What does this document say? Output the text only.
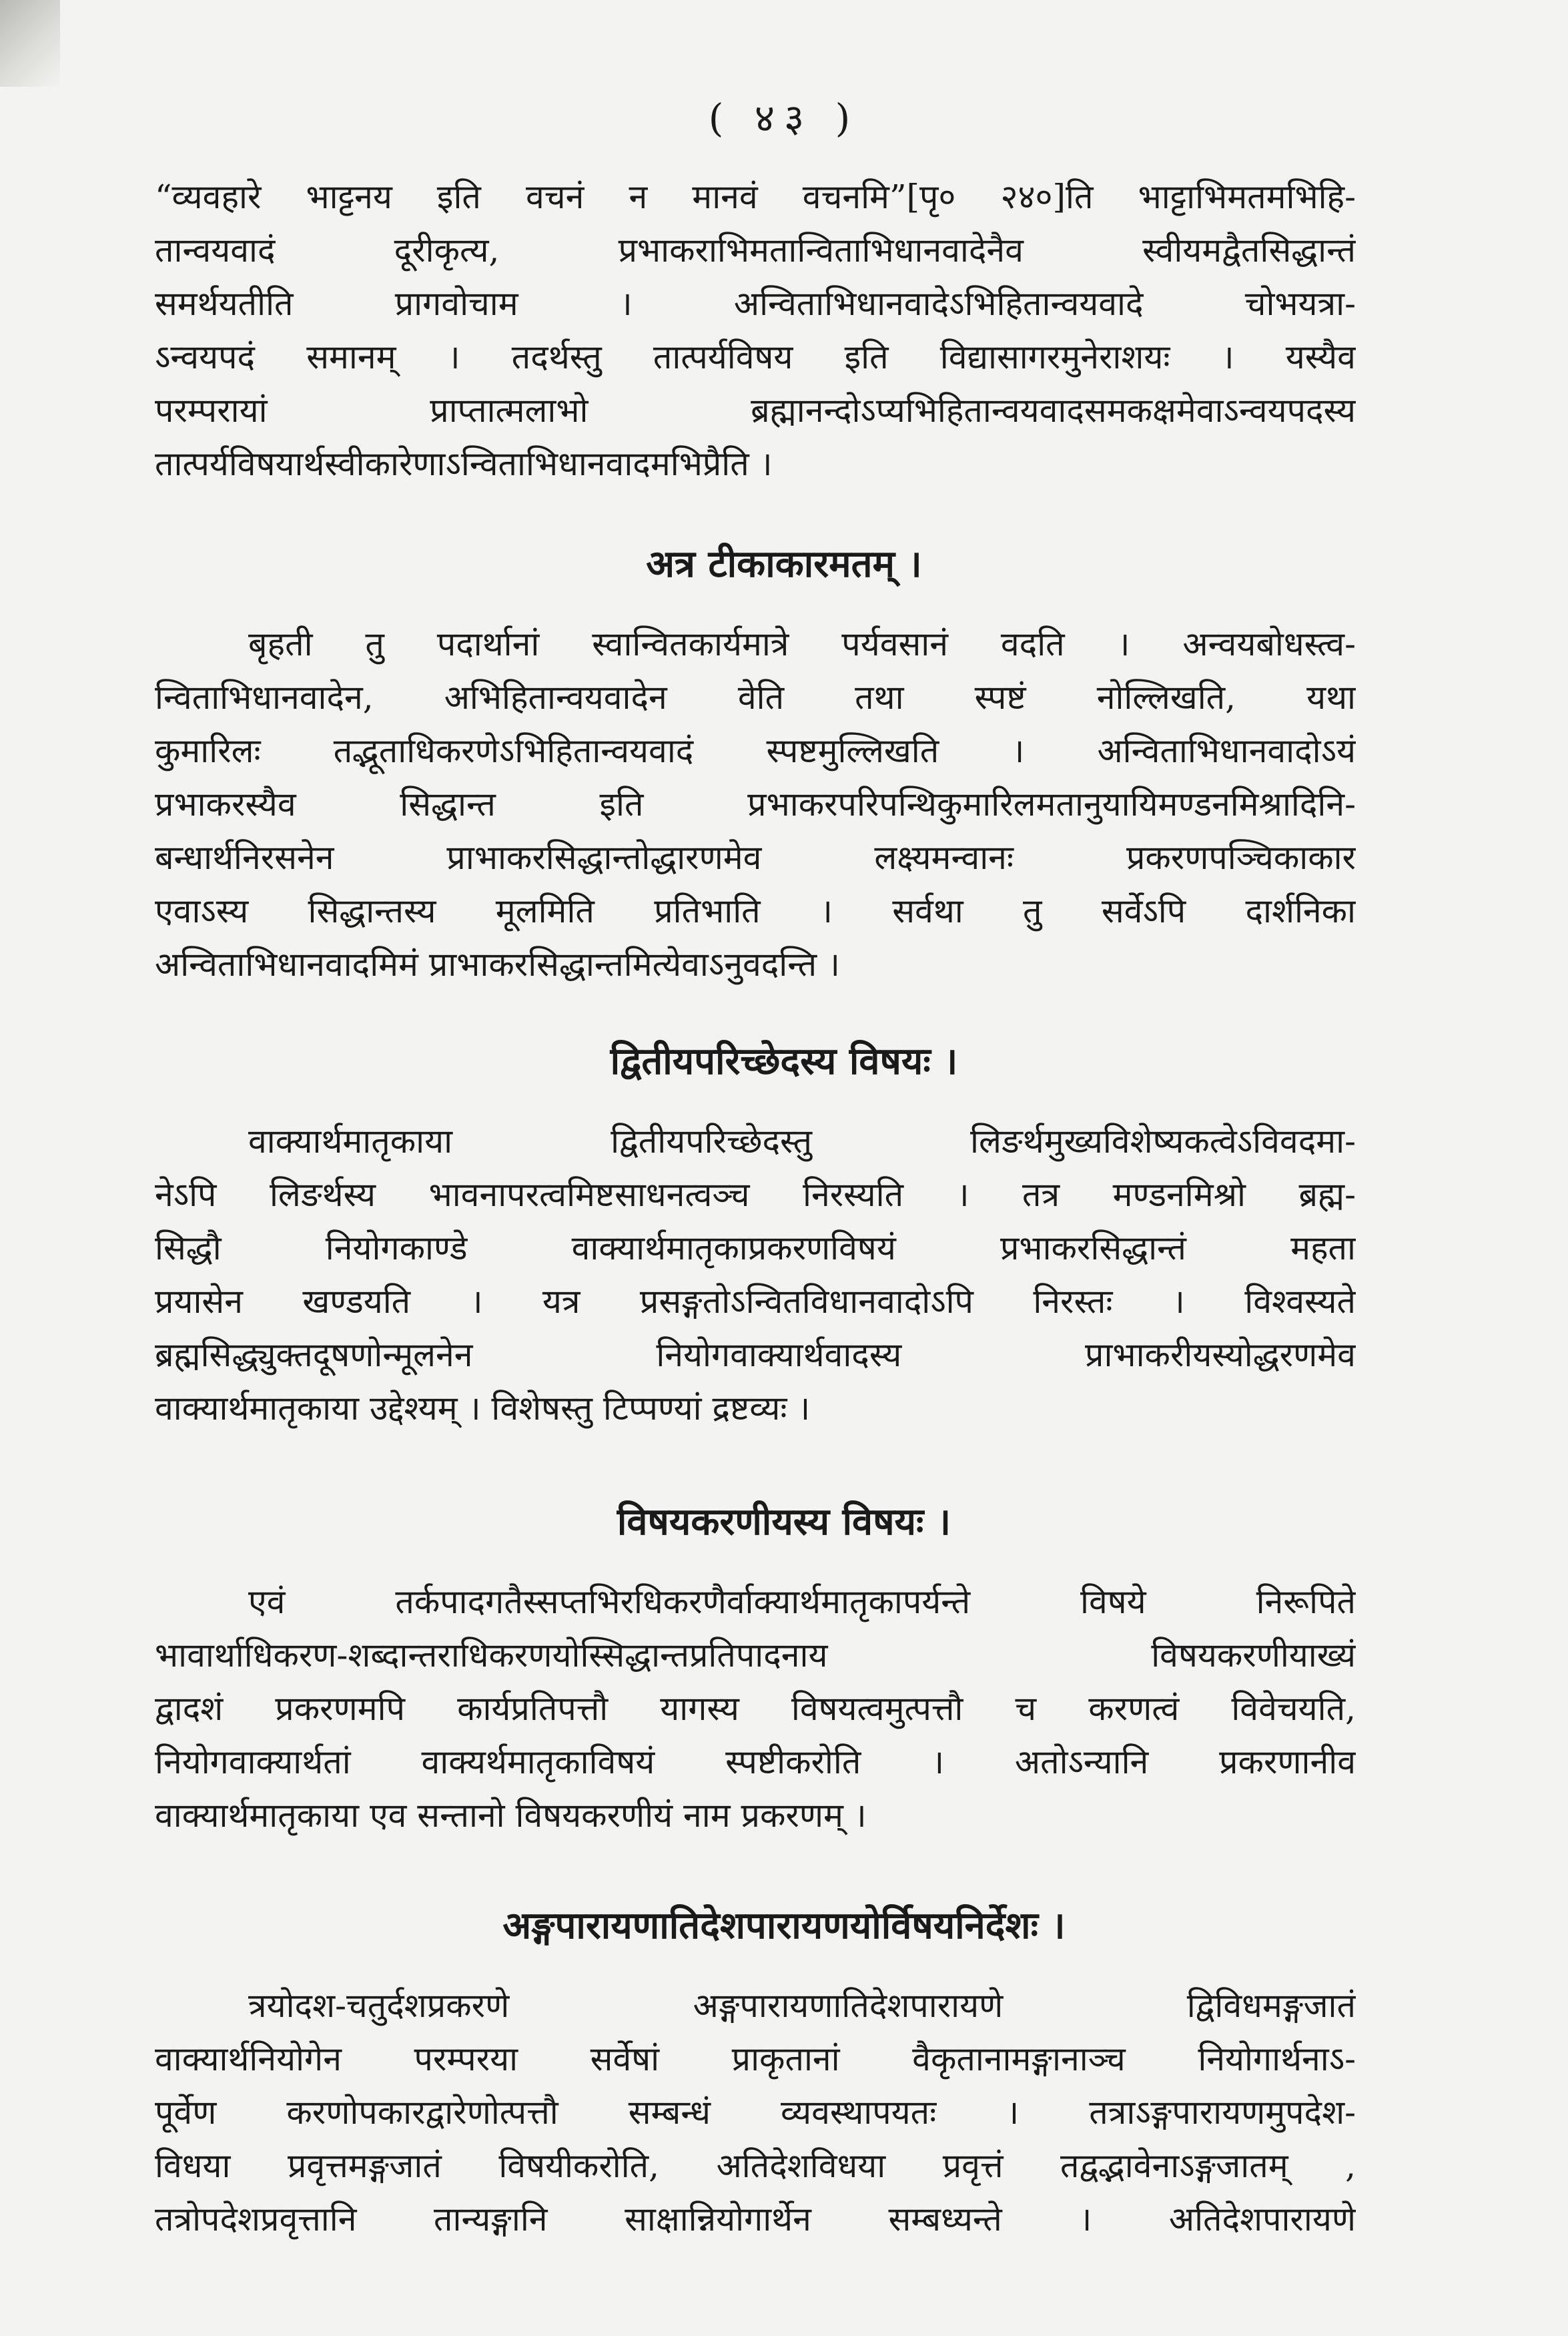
( ४३ )
“व्यवहारे भाट्टनय इति वचनं न मानवं वचनमि”[पृ० २४०]ति भाट्टाभिमतमभिहि-
तान्वयवादं दूरीकृत्य, प्रभाकराभिमतान्विताभिधानवादेनैव स्वीयमद्वैतसिद्धान्तं
समर्थयतीति प्रागवोचाम । अन्विताभिधानवादेऽभिहितान्वयवादे चोभयत्रा-
ऽन्वयपदं समानम् । तदर्थस्तु तात्पर्यविषय इति विद्यासागरमुनेराशयः । यस्यैव
परम्परायां प्राप्तात्मलाभो ब्रह्मानन्दोऽप्यभिहितान्वयवादसमकक्षमेवाऽन्वयपदस्य
तात्पर्यविषयार्थस्वीकारेणाऽन्विताभिधानवादमभिप्रैति ।
अत्र टीकाकारमतम् ।
बृहती तु पदार्थानां स्वान्वितकार्यमात्रे पर्यवसानं वदति । अन्वयबोधस्त्व-
न्विताभिधानवादेन, अभिहितान्वयवादेन वेति तथा स्पष्टं नोल्लिखति, यथा
कुमारिलः तद्भूताधिकरणेऽभिहितान्वयवादं स्पष्टमुल्लिखति । अन्विताभिधानवादोऽयं
प्रभाकरस्यैव सिद्धान्त इति प्रभाकरपरिपन्थिकुमारिलमतानुयायिमण्डनमिश्रादिनि-
बन्धार्थनिरसनेन प्राभाकरसिद्धान्तोद्धारणमेव लक्ष्यमन्वानः प्रकरणपञ्चिकाकार
एवाऽस्य सिद्धान्तस्य मूलमिति प्रतिभाति । सर्वथा तु सर्वेऽपि दार्शनिका
अन्विताभिधानवादमिमं प्राभाकरसिद्धान्तमित्येवाऽनुवदन्ति ।
द्वितीयपरिच्छेदस्य विषयः ।
वाक्यार्थमातृकाया द्वितीयपरिच्छेदस्तु लिङर्थमुख्यविशेष्यकत्वेऽविवदमा-
नेऽपि लिङर्थस्य भावनापरत्वमिष्टसाधनत्वञ्च निरस्यति । तत्र मण्डनमिश्रो ब्रह्म-
सिद्धौ नियोगकाण्डे वाक्यार्थमातृकाप्रकरणविषयं प्रभाकरसिद्धान्तं महता
प्रयासेन खण्डयति । यत्र प्रसङ्गतोऽन्वितविधानवादोऽपि निरस्तः । विश्वस्यते
ब्रह्मसिद्ध्युक्तदूषणोन्मूलनेन नियोगवाक्यार्थवादस्य प्राभाकरीयस्योद्धरणमेव
वाक्यार्थमातृकाया उद्देश्यम् । विशेषस्तु टिप्पण्यां द्रष्टव्यः ।
विषयकरणीयस्य विषयः ।
एवं तर्कपादगतैस्सप्तभिरधिकरणैर्वाक्यार्थमातृकापर्यन्ते विषये निरूपिते
भावार्थाधिकरण-शब्दान्तराधिकरणयोस्सिद्धान्तप्रतिपादनाय विषयकरणीयाख्यं
द्वादशं प्रकरणमपि कार्यप्रतिपत्तौ यागस्य विषयत्वमुत्पत्तौ च करणत्वं विवेचयति,
नियोगवाक्यार्थतां वाक्यर्थमातृकाविषयं स्पष्टीकरोति । अतोऽन्यानि प्रकरणानीव
वाक्यार्थमातृकाया एव सन्तानो विषयकरणीयं नाम प्रकरणम् ।
अङ्गपारायणातिदेशपारायणयोर्विषयनिर्देशः ।
त्रयोदश-चतुर्दशप्रकरणे अङ्गपारायणातिदेशपारायणे द्विविधमङ्गजातं
वाक्यार्थनियोगेन परम्परया सर्वेषां प्राकृतानां वैकृतानामङ्गानाञ्च नियोगार्थनाऽ-
पूर्वेण करणोपकारद्वारेणोत्पत्तौ सम्बन्धं व्यवस्थापयतः । तत्राऽङ्गपारायणमुपदेश-
विधया प्रवृत्तमङ्गजातं विषयीकरोति, अतिदेशविधया प्रवृत्तं तद्वद्भावेनाऽङ्गजातम् ,
तत्रोपदेशप्रवृत्तानि तान्यङ्गानि साक्षान्नियोगार्थेन सम्बध्यन्ते । अतिदेशपारायणे
